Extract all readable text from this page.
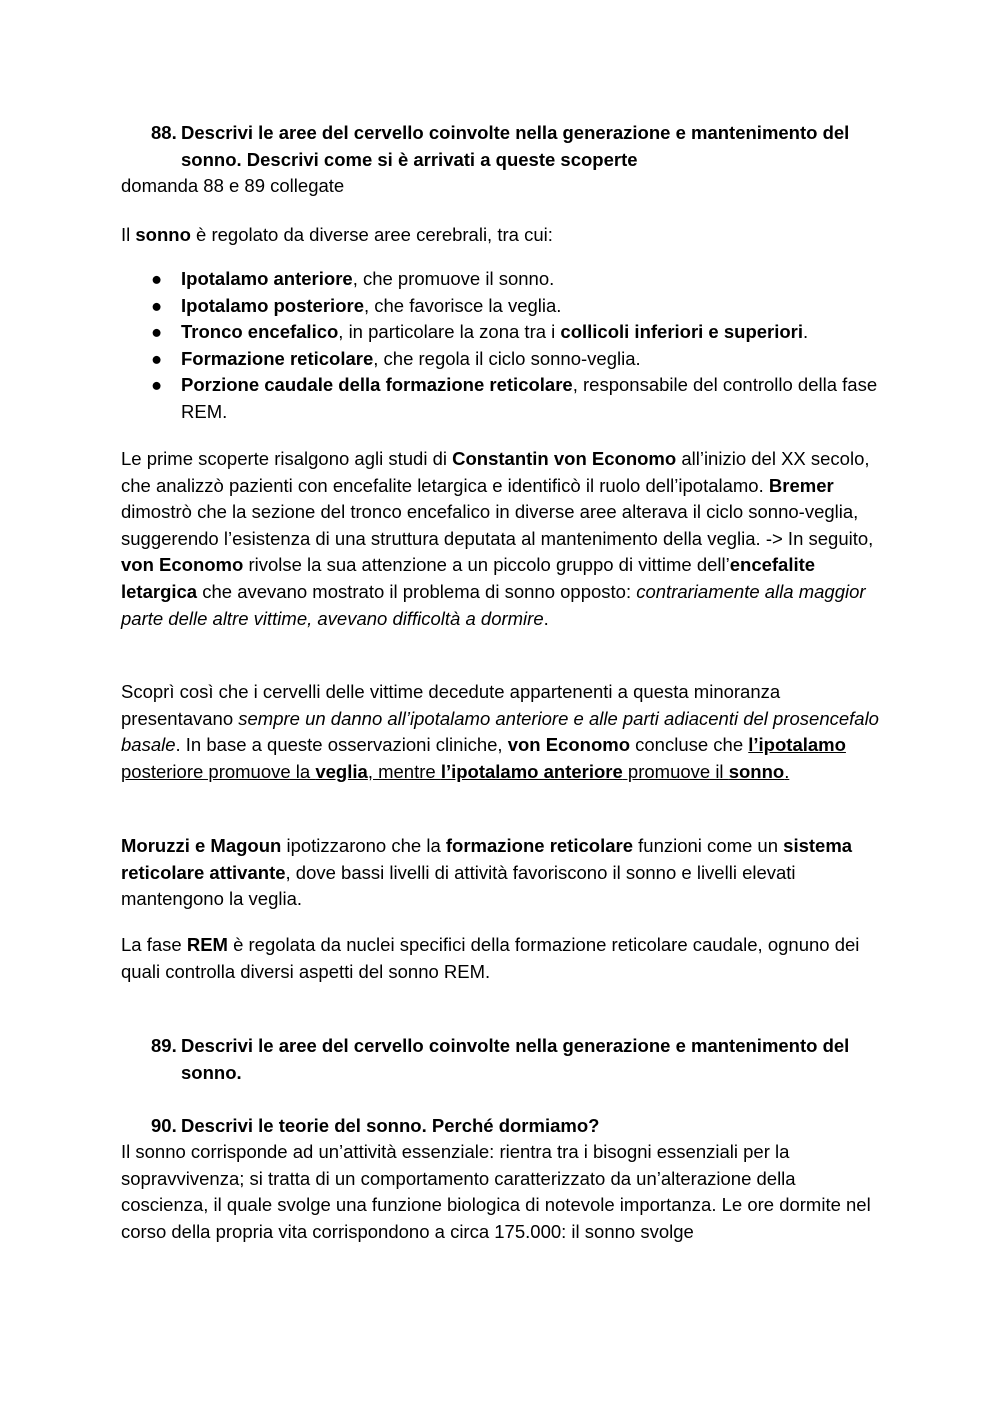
88. Descrivi le aree del cervello coinvolte nella generazione e mantenimento del sonno. Descrivi come si è arrivati a queste scoperte

domanda 88 e 89 collegate

Il sonno è regolato da diverse aree cerebrali, tra cui:

● Ipotalamo anteriore, che promuove il sonno.
● Ipotalamo posteriore, che favorisce la veglia.
● Tronco encefalico, in particolare la zona tra i collicoli inferiori e superiori.
● Formazione reticolare, che regola il ciclo sonno-veglia.
● Porzione caudale della formazione reticolare, responsabile del controllo della fase REM.

Le prime scoperte risalgono agli studi di Constantin von Economo all’inizio del XX secolo, che analizzò pazienti con encefalite letargica e identificò il ruolo dell’ipotalamo. Bremer dimostrò che la sezione del tronco encefalico in diverse aree alterava il ciclo sonno-veglia, suggerendo l’esistenza di una struttura deputata al mantenimento della veglia. -> In seguito, von Economo rivolse la sua attenzione a un piccolo gruppo di vittime dell’encefalite letargica che avevano mostrato il problema di sonno opposto: contrariamente alla maggior parte delle altre vittime, avevano difficoltà a dormire.

Scoprì così che i cervelli delle vittime decedute appartenenti a questa minoranza presentavano sempre un danno all’ipotalamo anteriore e alle parti adiacenti del prosencefalo basale. In base a queste osservazioni cliniche, von Economo concluse che l’ipotalamo posteriore promuove la veglia, mentre l’ipotalamo anteriore promuove il sonno.

Moruzzi e Magoun ipotizzarono che la formazione reticolare funzioni come un sistema reticolare attivante, dove bassi livelli di attività favoriscono il sonno e livelli elevati mantengono la veglia.

La fase REM è regolata da nuclei specifici della formazione reticolare caudale, ognuno dei quali controlla diversi aspetti del sonno REM.

89. Descrivi le aree del cervello coinvolte nella generazione e mantenimento del sonno.
90. Descrivi le teorie del sonno. Perché dormiamo?

Il sonno corrisponde ad un’attività essenziale: rientra tra i bisogni essenziali per la sopravvivenza; si tratta di un comportamento caratterizzato da un’alterazione della coscienza, il quale svolge una funzione biologica di notevole importanza. Le ore dormite nel corso della propria vita corrispondono a circa 175.000: il sonno svolge
